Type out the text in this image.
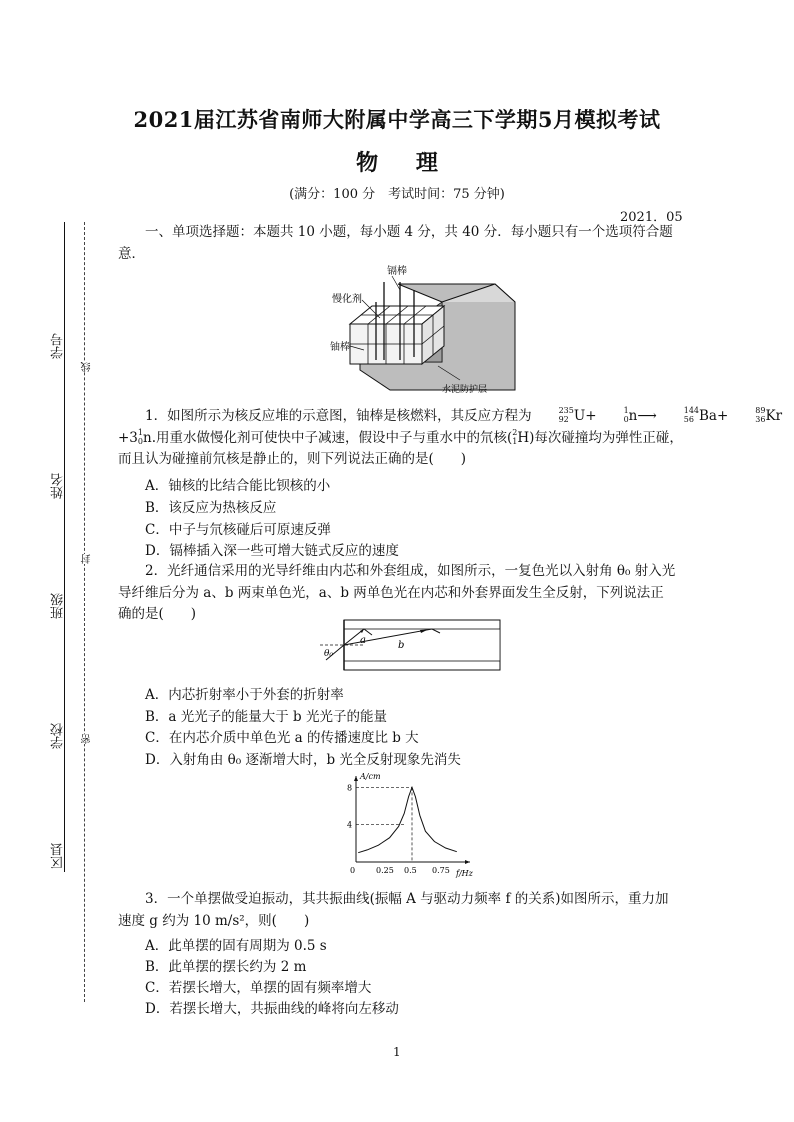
学号
姓名
班级
学校
区县
线
封
密
2021届江苏省南师大附属中学高三下学期5月模拟考试
物 理
(满分：100 分　考试时间：75 分钟)
2021．05
一、单项选择题：本题共 10 小题，每小题 4 分，共 40 分．每小题只有一个选项符合题意．
镉棒
慢化剂
铀棒
水泥防护层
1．如图所示为核反应堆的示意图，铀棒是核燃料，其反应方程为	235
92 U+	1
0 n⟶	144
56 Ba+	89
36 Kr
+3 1
0 n.用重水做慢化剂可使快中子减速，假设中子与重水中的氘核( 2
1 H)每次碰撞均为弹性正碰，
而且认为碰撞前氘核是静止的，则下列说法正确的是(　　)
A．铀核的比结合能比钡核的小
B．该反应为热核反应
C．中子与氘核碰后可原速反弹
D．镉棒插入深一些可增大链式反应的速度
2．光纤通信采用的光导纤维由内芯和外套组成，如图所示，一复色光以入射角 θ₀ 射入光
导纤维后分为 a、b 两束单色光，a、b 两单色光在内芯和外套界面发生全反射，下列说法正
确的是(　　)
a	b
θ₀
A．内芯折射率小于外套的折射率
B．a 光光子的能量大于 b 光光子的能量
C．在内芯介质中单色光 a 的传播速度比 b 大
D．入射角由 θ₀ 逐渐增大时，b 光全反射现象先消失
A/cm
f/Hz
0	0.25 0.5 0.75
4
8
3．一个单摆做受迫振动，其共振曲线(振幅 A 与驱动力频率 f 的关系)如图所示，重力加
速度 g 约为 10 m/s²，则(　　)
A．此单摆的固有周期为 0.5 s
B．此单摆的摆长约为 2 m
C．若摆长增大，单摆的固有频率增大
D．若摆长增大，共振曲线的峰将向左移动
1
